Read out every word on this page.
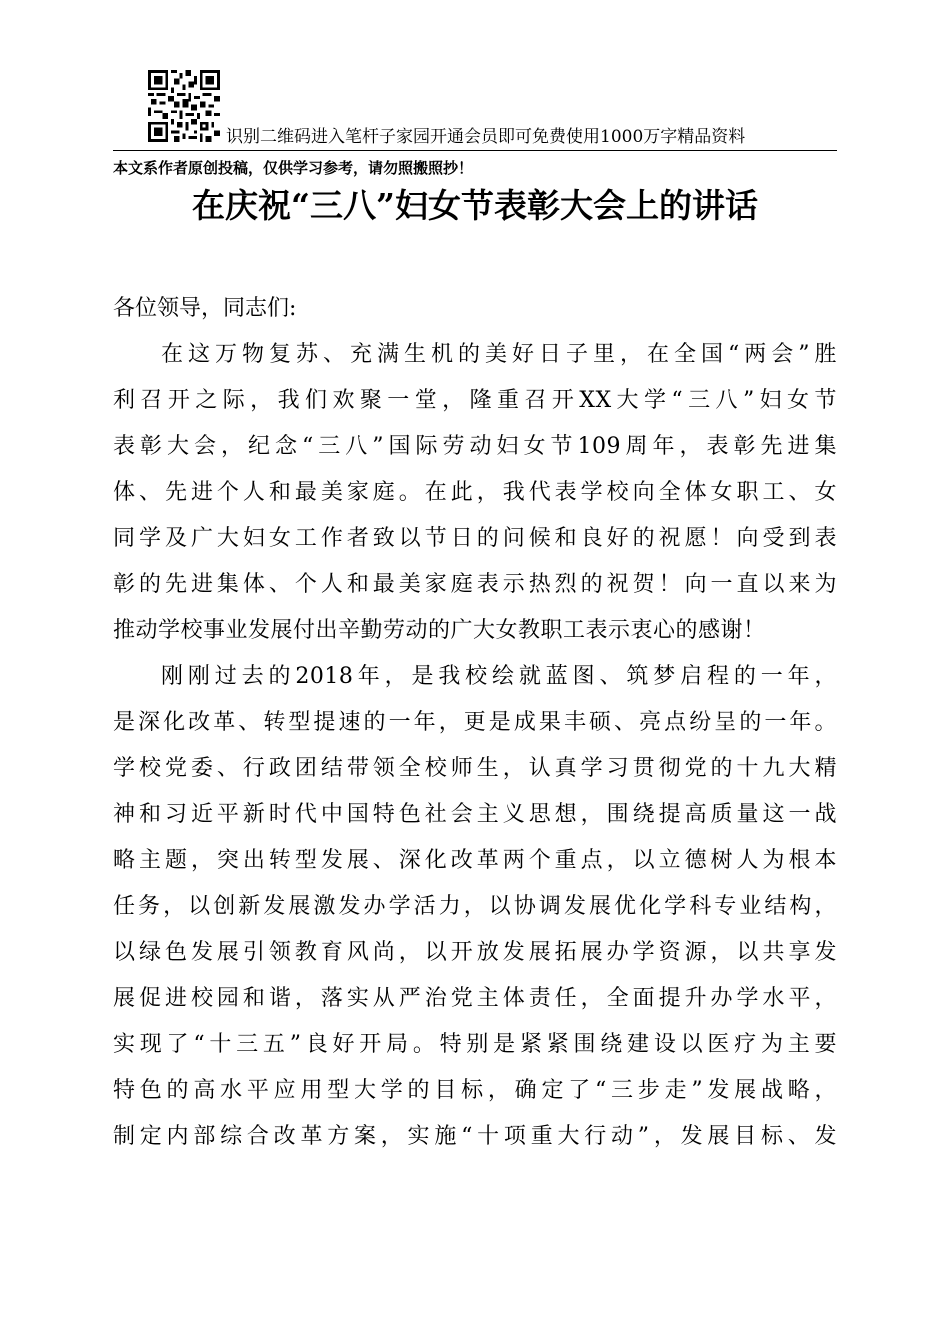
识别二维码进入笔杆子家园开通会员即可免费使用1000万字精品资料
本文系作者原创投稿，仅供学习参考，请勿照搬照抄！
在庆祝“三八”妇女节表彰大会上的讲话
各位领导，同志们:
在这万物复苏、充满生机的美好日子里，在全国“两会”胜
利召开之际，我们欢聚一堂，隆重召开XX大学“三八”妇女节
表彰大会，纪念“三八”国际劳动妇女节109周年，表彰先进集
体、先进个人和最美家庭。在此，我代表学校向全体女职工、女
同学及广大妇女工作者致以节日的问候和良好的祝愿！向受到表
彰的先进集体、个人和最美家庭表示热烈的祝贺！向一直以来为
推动学校事业发展付出辛勤劳动的广大女教职工表示衷心的感谢！
刚刚过去的2018年，是我校绘就蓝图、筑梦启程的一年，
是深化改革、转型提速的一年，更是成果丰硕、亮点纷呈的一年。
学校党委、行政团结带领全校师生，认真学习贯彻党的十九大精
神和习近平新时代中国特色社会主义思想，围绕提高质量这一战
略主题，突出转型发展、深化改革两个重点，以立德树人为根本
任务，以创新发展激发办学活力，以协调发展优化学科专业结构，
以绿色发展引领教育风尚，以开放发展拓展办学资源，以共享发
展促进校园和谐，落实从严治党主体责任，全面提升办学水平，
实现了“十三五”良好开局。特别是紧紧围绕建设以医疗为主要
特色的高水平应用型大学的目标，确定了“三步走”发展战略，
制定内部综合改革方案，实施“十项重大行动”，发展目标、发
